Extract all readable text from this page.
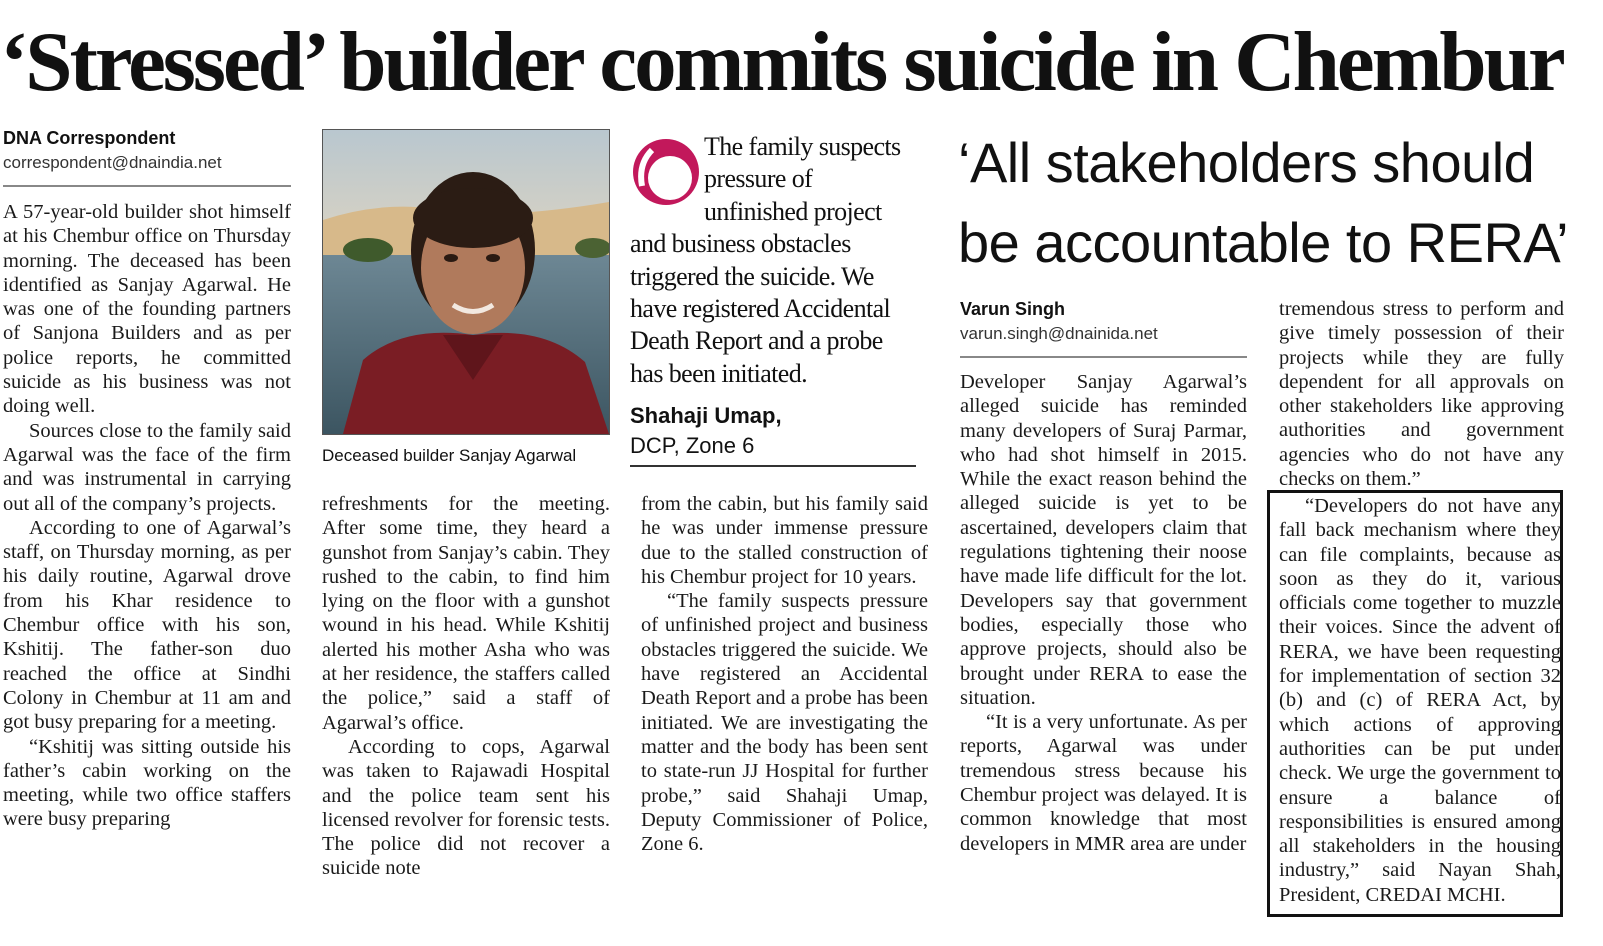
‘Stressed’ builder commits suicide in Chembur
DNA Correspondent
correspondent@dnaindia.net

A 57-year-old builder shot himself at his Chembur office on Thursday morning. The deceased has been identified as Sanjay Agarwal. He was one of the founding partners of Sanjona Builders and as per police reports, he committed suicide as his business was not doing well.

Sources close to the family said Agarwal was the face of the firm and was instrumental in carrying out all of the company’s projects.

According to one of Agarwal’s staff, on Thursday morning, as per his daily routine, Agarwal drove from his Khar residence to Chembur office with his son, Kshitij. The father-son duo reached the office at Sindhi Colony in Chembur at 11 am and got busy preparing for a meeting.

“Kshitij was sitting outside his father’s cabin working on the meeting, while two office staffers were busy preparing

Deceased builder Sanjay Agarwal

refreshments for the meeting. After some time, they heard a gunshot from Sanjay’s cabin. They rushed to the cabin, to find him lying on the floor with a gunshot wound in his head. While Kshitij alerted his mother Asha who was at her residence, the staffers called the police,” said a staff of Agarwal’s office.

According to cops, Agarwal was taken to Rajawadi Hospital and the police team sent his licensed revolver for forensic tests. The police did not recover a suicide note

The family suspects pressure of unfinished project and business obstacles triggered the suicide. We have registered Accidental Death Report and a probe has been initiated.
Shahaji Umap,
DCP, Zone 6

from the cabin, but his family said he was under immense pressure due to the stalled construction of his Chembur project for 10 years.

“The family suspects pressure of unfinished project and business obstacles triggered the suicide. We have registered an Accidental Death Report and a probe has been initiated. We are investigating the matter and the body has been sent to state-run JJ Hospital for further probe,” said Shahaji Umap, Deputy Commissioner of Police, Zone 6.

‘All stakeholders should
be accountable to RERA’
Varun Singh
varun.singh@dnainida.net

Developer Sanjay Agarwal’s alleged suicide has reminded many developers of Suraj Parmar, who had shot himself in 2015. While the exact reason behind the alleged suicide is yet to be ascertained, developers claim that regulations tightening their noose have made life difficult for the lot. Developers say that government bodies, especially those who approve projects, should also be brought under RERA to ease the situation.

“It is a very unfortunate. As per reports, Agarwal was under tremendous stress because his Chembur project was delayed. It is common knowledge that most developers in MMR area are under

tremendous stress to perform and give timely possession of their projects while they are fully dependent for all approvals on other stakeholders like approving authorities and government agencies who do not have any checks on them.”

“Developers do not have any fall back mechanism where they can file complaints, because as soon as they do it, various officials come together to muzzle their voices. Since the advent of RERA, we have been requesting for implementation of section 32 (b) and (c) of RERA Act, by which actions of approving authorities can be put under check. We urge the government to ensure a balance of responsibilities is ensured among all stakeholders in the housing industry,” said Nayan Shah, President, CREDAI MCHI.
